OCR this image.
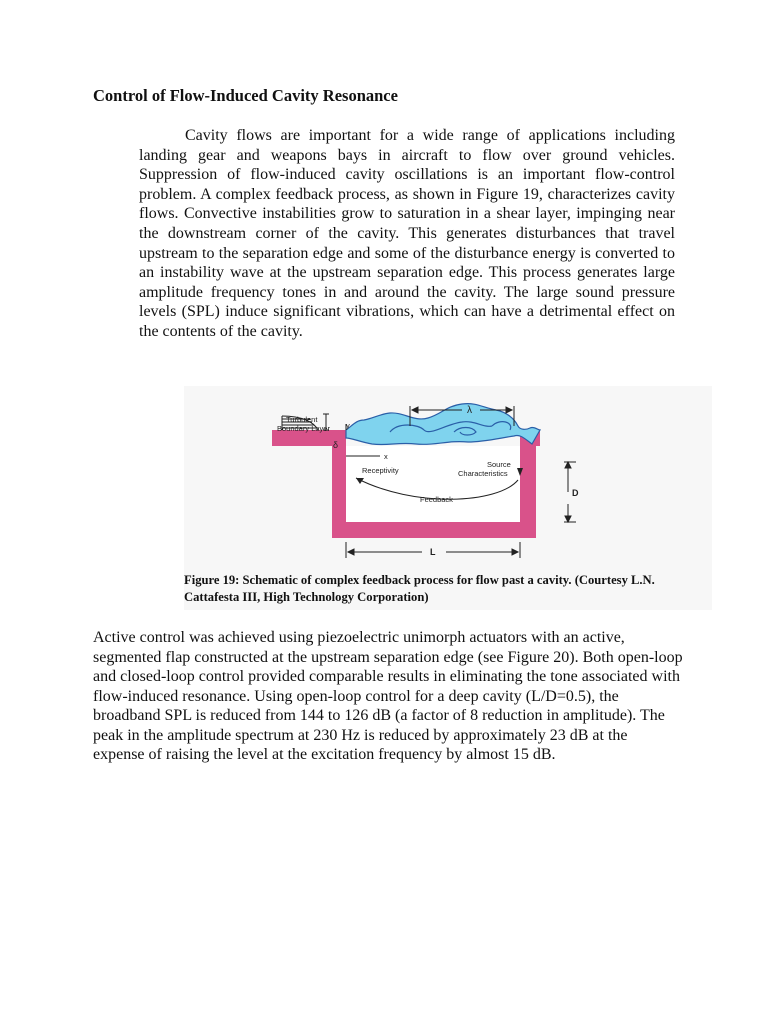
Control of Flow-Induced Cavity Resonance

Cavity flows are important for a wide range of applications including landing gear and weapons bays in aircraft to flow over ground vehicles. Suppression of flow-induced cavity oscillations is an important flow-control problem. A complex feedback process, as shown in Figure 19, characterizes cavity flows. Convective instabilities grow to saturation in a shear layer, impinging near the downstream corner of the cavity. This generates disturbances that travel upstream to the separation edge and some of the disturbance energy is converted to an instability wave at the upstream separation edge. This process generates large amplitude frequency tones in and around the cavity. The large sound pressure levels (SPL) induce significant vibrations, which can have a detrimental effect on the contents of the cavity.

Turbulent
Boundary Layer y
δ
x
λ
Receptivity
Source
Characteristics
Feedback
D
L
Figure 19: Schematic of complex feedback process for flow past a cavity. (Courtesy L.N.
Cattafesta III, High Technology Corporation)

Active control was achieved using piezoelectric unimorph actuators with an active, segmented flap constructed at the upstream separation edge (see Figure 20). Both open-loop and closed-loop control provided comparable results in eliminating the tone associated with flow-induced resonance. Using open-loop control for a deep cavity (L/D=0.5), the broadband SPL is reduced from 144 to 126 dB (a factor of 8 reduction in amplitude). The peak in the amplitude spectrum at 230 Hz is reduced by approximately 23 dB at the expense of raising the level at the excitation frequency by almost 15 dB.
